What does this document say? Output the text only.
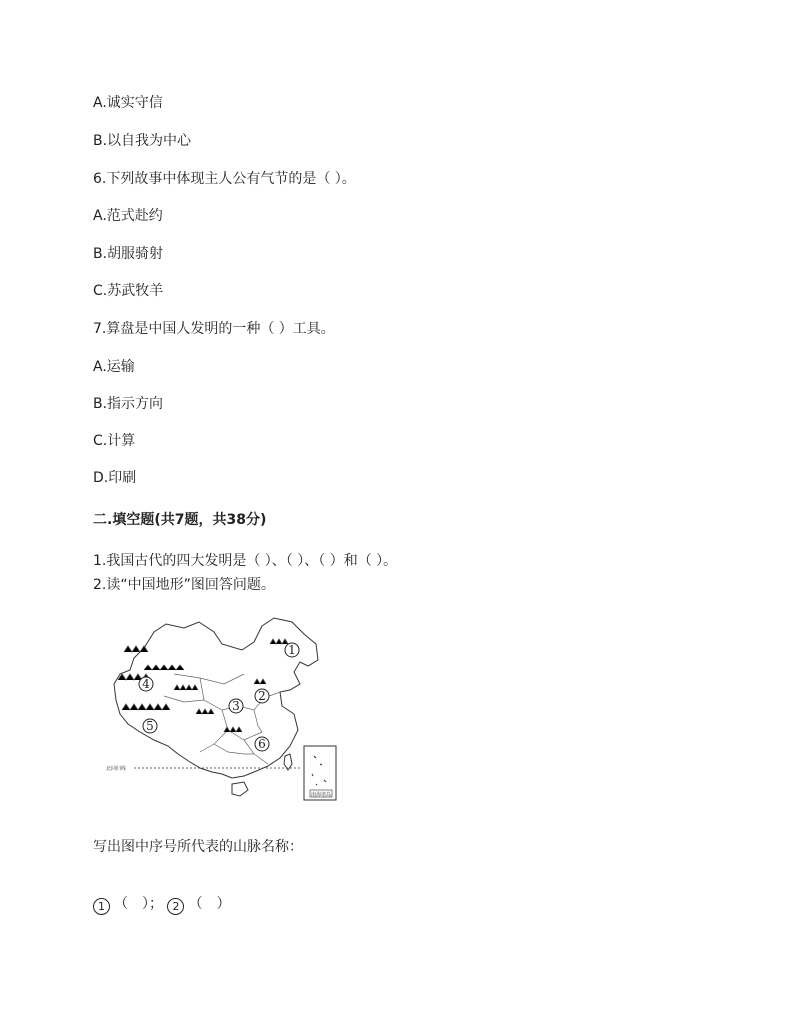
A.诚实守信
B.以自我为中心
6.下列故事中体现主人公有气节的是（ ）。
A.范式赴约
B.胡服骑射
C.苏武牧羊
7.算盘是中国人发明的一种（ ）工具。
A.运输
B.指示方向
C.计算
D.印刷
二.填空题(共7题，共38分)
1.我国古代的四大发明是（ ）、（ ）、（ ）和（ ）。
2.读“中国地形”图回答问题。
1
2
3
4
5
6
北回归线
南海诸岛
写出图中序号所代表的山脉名称：
1 （　）； 2 （　）
